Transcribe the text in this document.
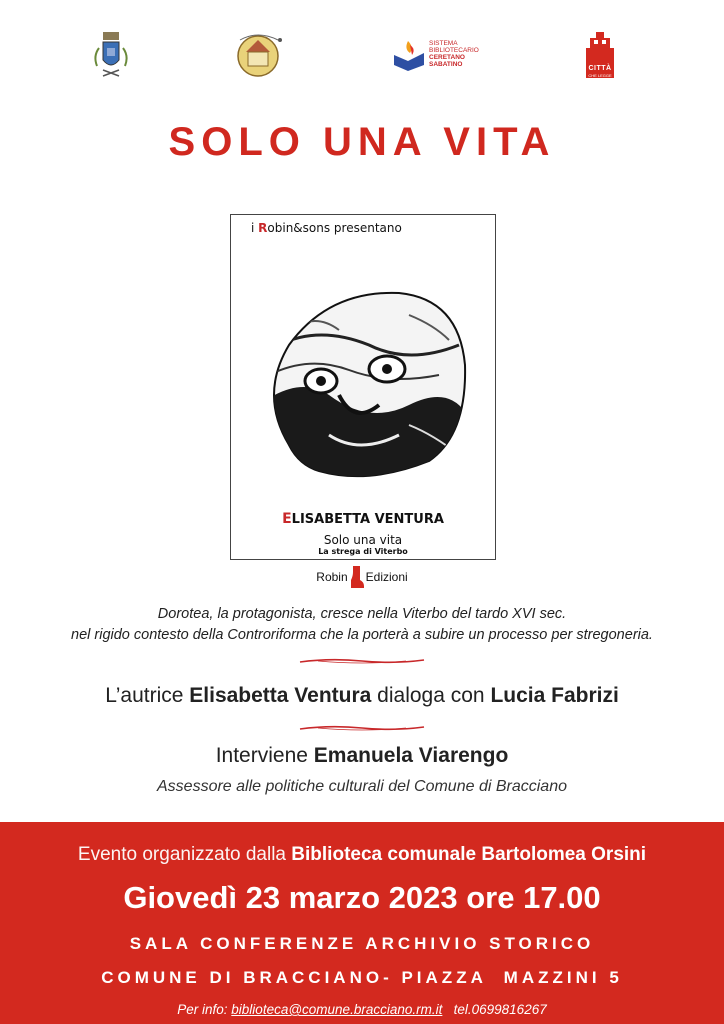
SISTEMA
BIBLIOTECARIO
CERETANO
SABATINO
CITTÀ
CHE LEGGE
SOLO UNA VITA
i Robin&sons presentano
ELISABETTA VENTURA
Solo una vita
La strega di Viterbo
Robin Edizioni
Dorotea, la protagonista, cresce nella Viterbo del tardo XVI sec.
nel rigido contesto della Controriforma che la porterà a subire un processo per stregoneria.
L’autrice Elisabetta Ventura dialoga con Lucia Fabrizi
Interviene Emanuela Viarengo
Assessore alle politiche culturali del Comune di Bracciano
Evento organizzato dalla Biblioteca comunale Bartolomea Orsini
Giovedì 23 marzo 2023 ore 17.00
SALA CONFERENZE ARCHIVIO STORICO
COMUNE DI BRACCIANO- PIAZZA  MAZZINI 5
Per info: biblioteca@comune.bracciano.rm.it tel.0699816267
